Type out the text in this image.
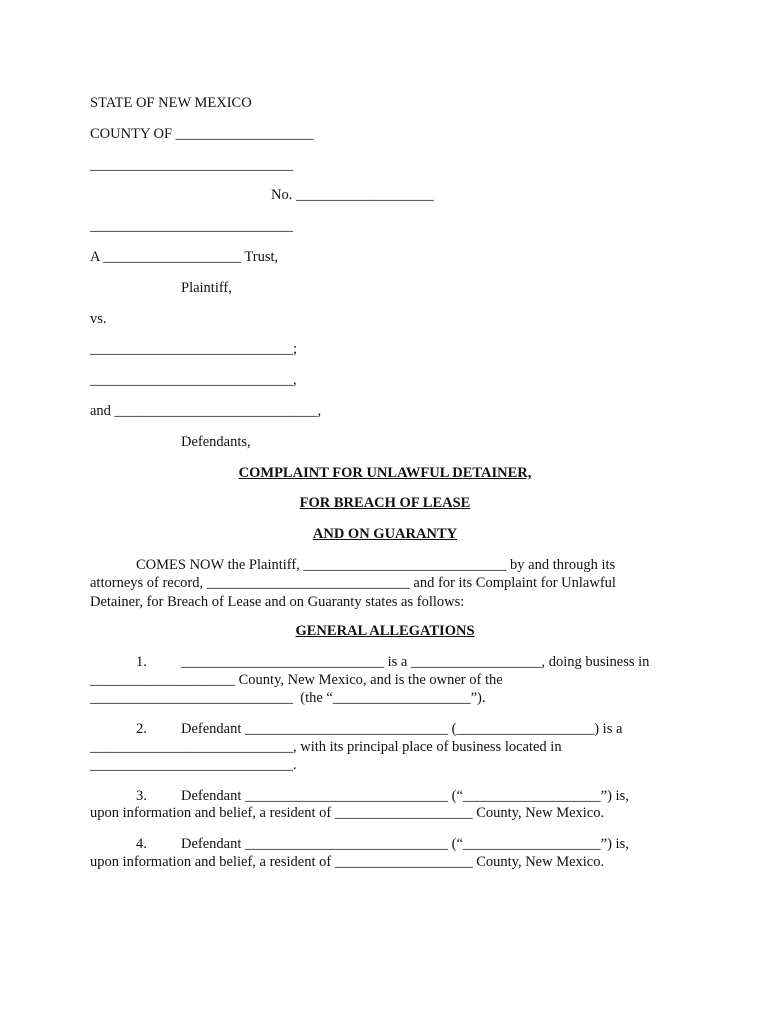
STATE OF NEW MEXICO
COUNTY OF ___________________
____________________________
No. ___________________
____________________________
A ___________________ Trust,
Plaintiff,
vs.
____________________________;
____________________________,
and ____________________________,
Defendants,
COMPLAINT FOR UNLAWFUL DETAINER,
FOR BREACH OF LEASE
AND ON GUARANTY
COMES NOW the Plaintiff, ____________________________ by and through its
attorneys of record, ____________________________ and for its Complaint for Unlawful
Detainer, for Breach of Lease and on Guaranty states as follows:
GENERAL ALLEGATIONS
1. ____________________________ is a __________________, doing business in
____________________ County, New Mexico, and is the owner of the
____________________________  (the “___________________”).
2. Defendant ____________________________ (___________________) is a
____________________________, with its principal place of business located in
____________________________.
3. Defendant ____________________________ (“___________________”) is,
upon information and belief, a resident of ___________________ County, New Mexico.
4. Defendant ____________________________ (“___________________”) is,
upon information and belief, a resident of ___________________ County, New Mexico.
